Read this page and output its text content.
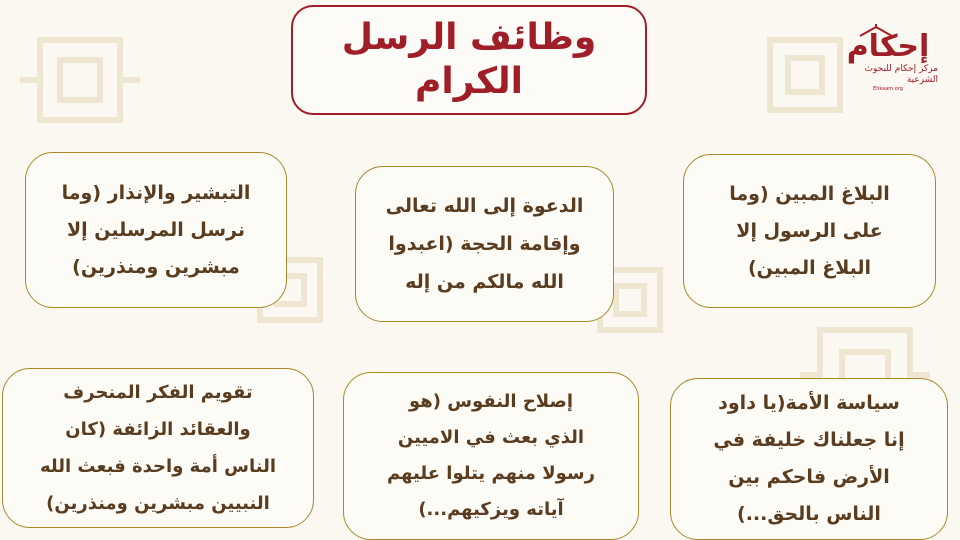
وظائف الرسل
الكرام
إحكام
مركز إحكام للبحوث الشرعية
Ehkaam.org

البلاغ المبين (وما
على الرسول إلا
البلاغ المبين)

الدعوة إلى الله تعالى
وإقامة الحجة (اعبدوا
الله مالكم من إله

التبشير والإنذار (وما
نرسل المرسلين إلا
مبشرين ومنذرين)

سياسة الأمة(يا داود
إنا جعلناك خليفة في
الأرض فاحكم بين
الناس بالحق...)

إصلاح النفوس (هو
الذي بعث في الاميين
رسولا منهم يتلوا عليهم
آياته ويزكيهم...)

تقويم الفكر المنحرف
والعقائد الزائفة (كان
الناس أمة واحدة فبعث الله
النبيين مبشرين ومنذرين)
